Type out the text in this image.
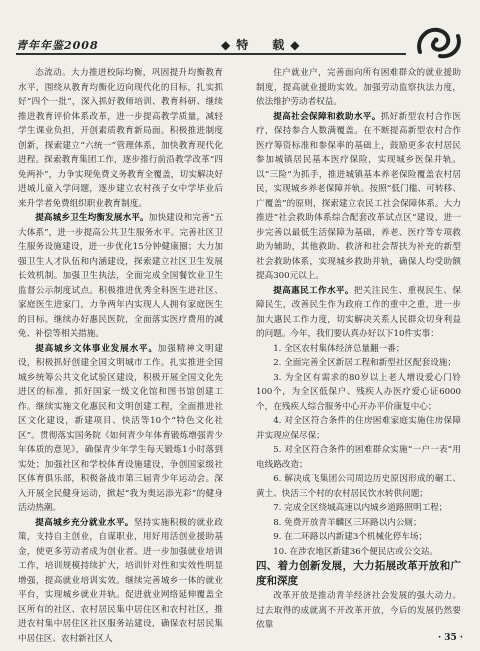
青年年鉴2008	◆特　载◆

态流动。大力推进校际均衡，巩固提升均衡教育水平，围绕从教育均衡化迈向现代化的目标，扎实抓好“四个一批”，深入抓好教师培训、教育科研、继续推进教育评价体系改革，进一步提高教学质量，减轻学生课业负担，开创素质教育新局面。积极推进制度创新，探索建立“六统一”管理体系，加快教育现代化进程。探索教育集团工作，逐步推行前沿教学改革“四免两补”，力争实现免费义务教育全覆盖，切实解决好进城儿童入学问题，逐步建立农村孩子女中学毕业后来升学者免费组织职业教育制度。

提高城乡卫生均衡发展水平。加快建设和完善“五大体系”，进一步提高公共卫生服务水平。完善社区卫生服务设施建设，进一步优化15分钟健康圈；大力加强卫生人才队伍和内涵建设，探索建立社区卫生发展长效机制。加强卫生执法，全面完成全国餐饮业卫生监督公示制度试点。积极推进优秀全科医生进社区、家庭医生进家门，力争两年内实现人人拥有家庭医生的目标。继续办好惠民医院，全面落实医疗费用的减免、补偿等相关措施。

提高城乡文体事业发展水平。加强精神文明建设，积极抓好创建全国文明城市工作。扎实推进全国城乡统筹公共文化试验区建设，积极开展全国文化先进区的标准，抓好国家一级文化馆和图书馆创建工作。继续实施文化惠民和文明创建工程，全面推进社区文化建设，新建项目、快活等10个“特色文化社区”。贯彻落实国务院《如何青少年体育锻炼增强青少年体质的意见》，确保青少年学生每天锻炼1小时落到实处；加强社区和学校体育设施建设，争创国家级社区体育俱乐部，积极备战市第三届青少年运动会。深入开展全民健身运动，掀起“我为奥运添光彩”的健身活动热潮。

提高城乡充分就业水平。坚持实施积极的就业政策，支持自主创业，自谋职业，用好用活创业援助基金，使更多劳动者成为创业者。进一步加强就业培训工作，培训规模持续扩大，培训针对性和实效性明显增强，提高就业培训实效。继续完善城乡一体的就业平台，实现城乡就业并轨。促进就业网络延伸覆盖全区所有的社区、农村居民集中居住区和农村社区，推进农村集中居住区社区服务站建设，确保农村居民集中居住区、农村新社区人

住户就业户，完善面向所有困难群众的就业援助制度，提高就业援助实效。加强劳动监察执法力度，依法维护劳动者权益。

提高社会保障和救助水平。抓好新型农村合作医疗，保持参合人数满覆盖。在不断提高新型农村合作医疗筹资标准和参保率的基础上，鼓励更多农村居民参加城镇居民基本医疗保险，实现城乡医保并轨。以“三险”为抓手，推进城镇基本养老保险覆盖农村居民，实现城乡养老保障并轨。按照“低门槛、可转移、广覆盖”的原则，探索建立农民工社会保障体系。大力推进“社会救助体系综合配套改革试点区”建设，进一步完善以最低生活保障为基础，养老、医疗等专项救助为辅助，其他救助、救济和社会帮扶为补充的新型社会救助体系，实现城乡救助并轨，确保人均受助额提高300元以上。

提高惠民工作水平。把关注民生、重视民生、保障民生，改善民生作为政府工作的重中之重，进一步加大惠民工作力度，切实解决关系人民群众切身利益的问题。今年，我们要认真办好以下10件实事：

1. 全区农村集体经济总量翻一番；

2. 全面完善全区新居工程和新型社区配套设施；

3. 为全区有需求的80岁以上老人增设爱心门铃100个，为全区低保户、残疾人办医疗爱心证6000个，在残疾人综合服务中心开办平价康复中心；

4. 对全区符合条件的住房困难家庭实施住房保障并实现应保尽保；

5. 对全区符合条件的困难群众实施“一户一表”用电线路改造；

6. 解决成飞集团公司周边历史原因形成的碾工、黄土、快活三个村的农村居民饮水转供问题；

7. 完成全区绕城高速以内城乡道路照明工程；

8. 免费开放青羊麟区三环路以内公厕；

9. 在二环路以内新建3个机械化停车场；

10. 在涉农地区新建36个便民店或公交站。

四、着力创新发展，大力拓展改革开放和广度和深度

改革开放是推动青羊经济社会发展的强大动力。过去取得的成就离不开改革开放，今后的发展仍然要依靠

· 35 ·
